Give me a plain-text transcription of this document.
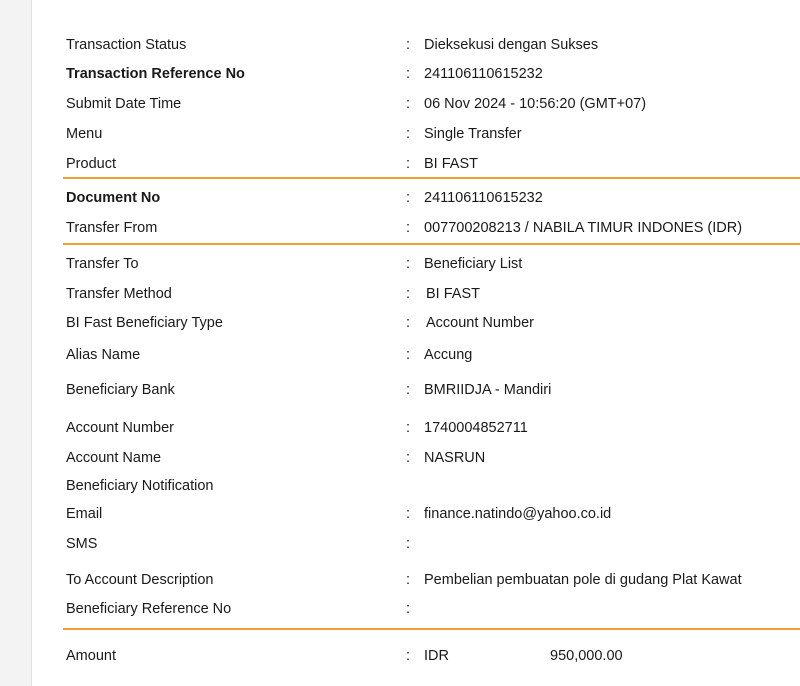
Transaction Status	: Dieksekusi dengan Sukses
Transaction Reference No	: 241106110615232
Submit Date Time	: 06 Nov 2024 - 10:56:20 (GMT+07)
Menu	: Single Transfer
Product	: BI FAST
Document No	: 241106110615232
Transfer From	: 007700208213 / NABILA TIMUR INDONES (IDR)
Transfer To	: Beneficiary List
Transfer Method	: BI FAST
BI Fast Beneficiary Type	: Account Number
Alias Name	: Accung
Beneficiary Bank	: BMRIIDJA - Mandiri
Account Number	: 1740004852711
Account Name	: NASRUN
Beneficiary Notification
Email	: finance.natindo@yahoo.co.id
SMS	:
To Account Description	: Pembelian pembuatan pole di gudang Plat Kawat
Beneficiary Reference No	:
Amount	: IDR	950,000.00
